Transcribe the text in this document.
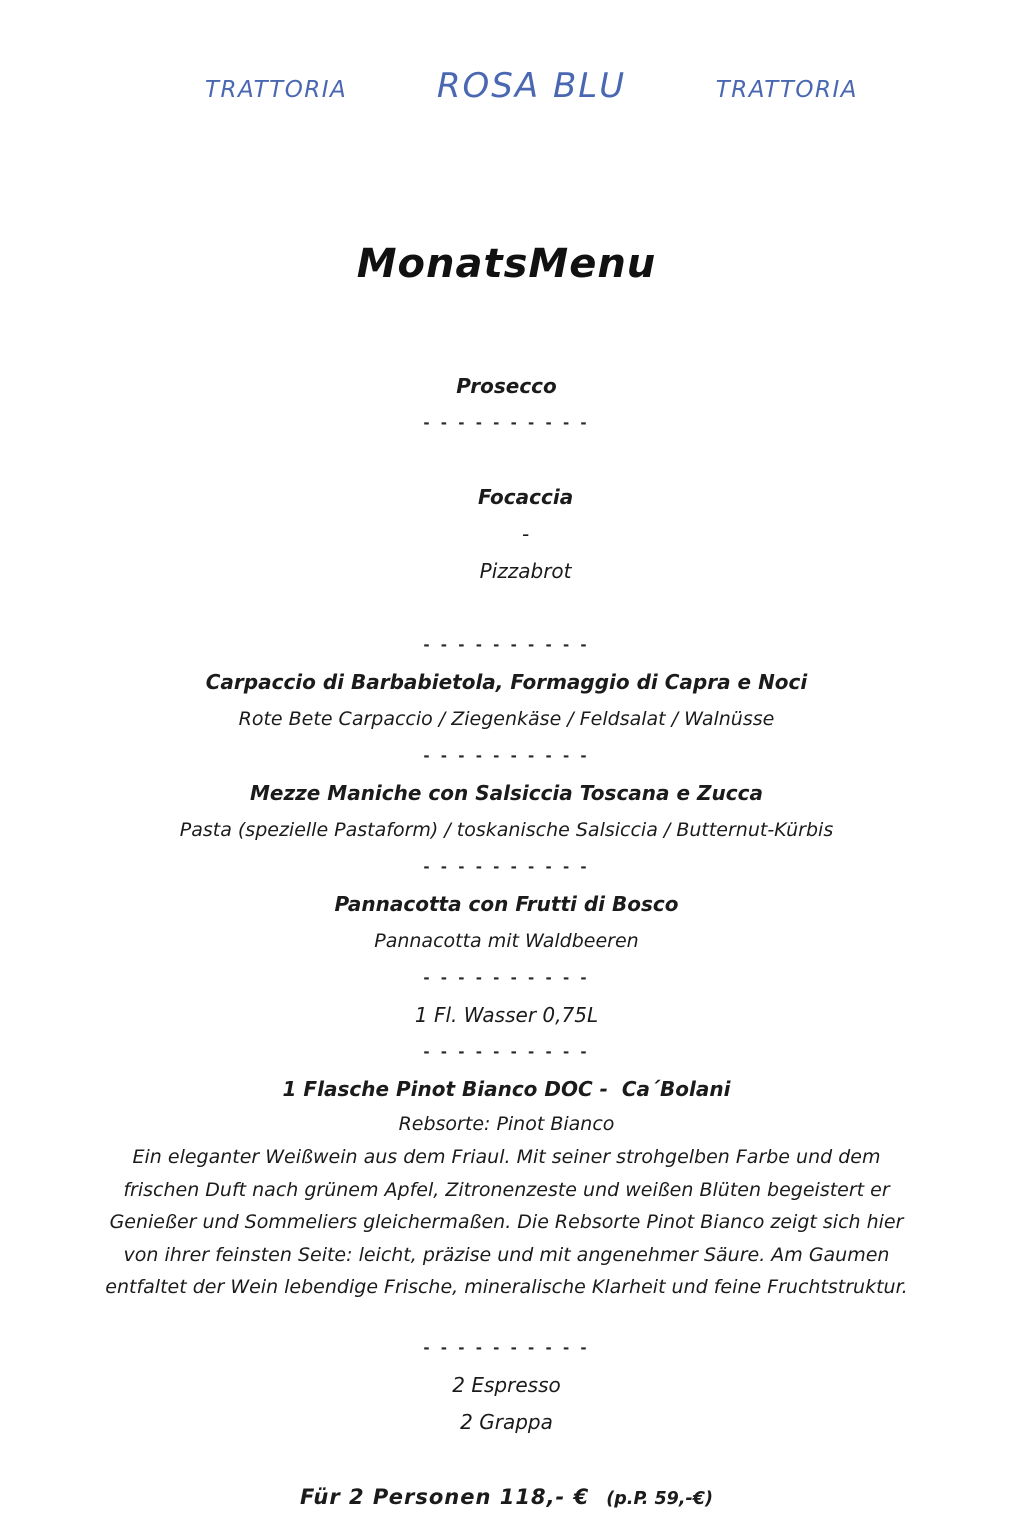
TRATTORIA	ROSA BLU	TRATTORIA
MonatsMenu
Prosecco
- - - - - - - - - -

Focaccia
-
Pizzabrot

- - - - - - - - - -
Carpaccio di Barbabietola, Formaggio di Capra e Noci
Rote Bete Carpaccio / Ziegenkäse / Feldsalat / Walnüsse
- - - - - - - - - -
Mezze Maniche con Salsiccia Toscana e Zucca
Pasta (spezielle Pastaform) / toskanische Salsiccia / Butternut-Kürbis
- - - - - - - - - -
Pannacotta con Frutti di Bosco
Pannacotta mit Waldbeeren
- - - - - - - - - -
1 Fl. Wasser 0,75L
- - - - - - - - - -
1 Flasche Pinot Bianco DOC -  Ca´Bolani
Rebsorte: Pinot Bianco
Ein eleganter Weißwein aus dem Friaul. Mit seiner strohgelben Farbe und dem frischen Duft nach grünem Apfel, Zitronenzeste und weißen Blüten begeistert er Genießer und Sommeliers gleichermaßen. Die Rebsorte Pinot Bianco zeigt sich hier von ihrer feinsten Seite: leicht, präzise und mit angenehmer Säure. Am Gaumen entfaltet der Wein lebendige Frische, mineralische Klarheit und feine Fruchtstruktur.
- - - - - - - - - -
2 Espresso
2 Grappa
Für 2 Personen 118,- € (p.P. 59,-€)
